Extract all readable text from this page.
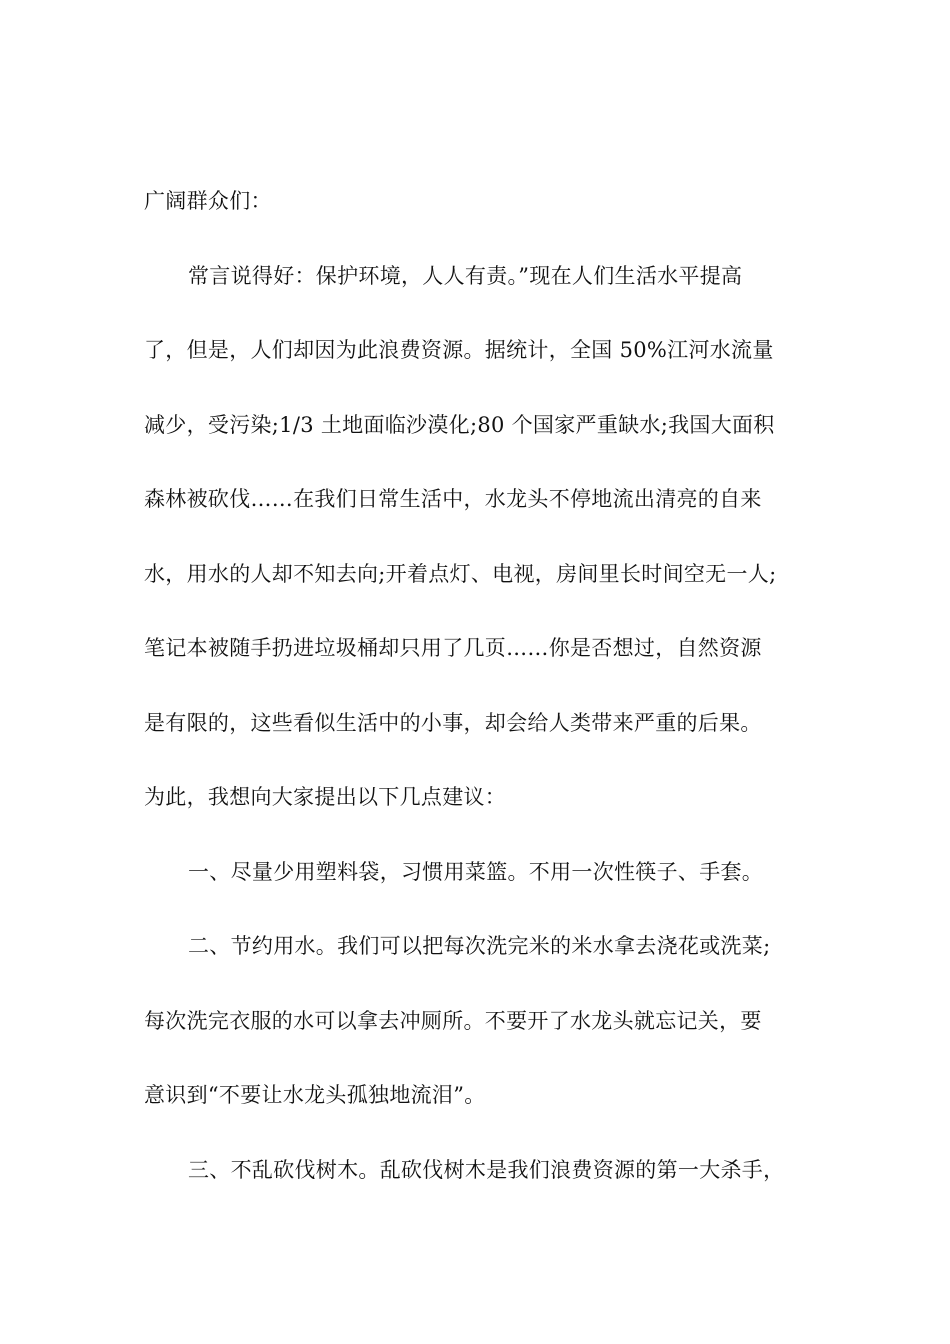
广阔群众们：
常言说得好：保护环境，人人有责。”现在人们生活水平提高
了，但是，人们却因为此浪费资源。据统计，全国 50%江河水流量
减少，受污染;1/3 土地面临沙漠化;80 个国家严重缺水;我国大面积
森林被砍伐……在我们日常生活中，水龙头不停地流出清亮的自来
水，用水的人却不知去向;开着点灯、电视，房间里长时间空无一人;
笔记本被随手扔进垃圾桶却只用了几页……你是否想过，自然资源
是有限的，这些看似生活中的小事，却会给人类带来严重的后果。
为此，我想向大家提出以下几点建议：
一、尽量少用塑料袋，习惯用菜篮。不用一次性筷子、手套。
二、节约用水。我们可以把每次洗完米的米水拿去浇花或洗菜;
每次洗完衣服的水可以拿去冲厕所。不要开了水龙头就忘记关，要
意识到“不要让水龙头孤独地流泪”。
三、不乱砍伐树木。乱砍伐树木是我们浪费资源的第一大杀手，
